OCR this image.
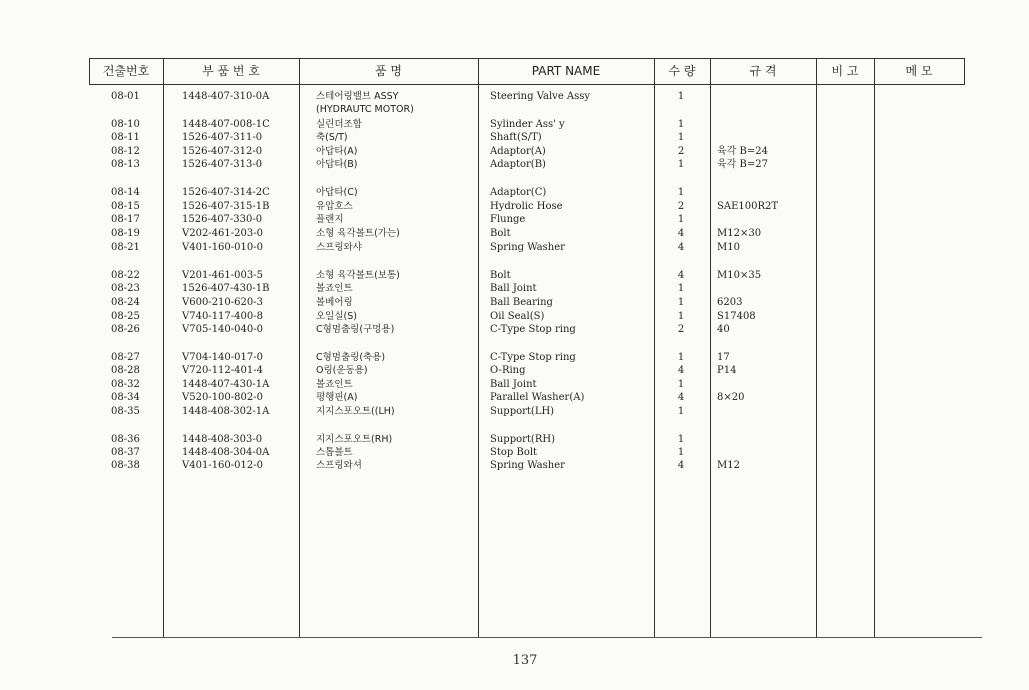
건출번호	부 품 번 호	품 명	PART NAME	수 량	규 격	비 고	메 모
08-01	1448-407-310-0A	스테어링밸브 ASSY	Steering Valve Assy	1
(HYDRAUTC MOTOR)
08-10	1448-407-008-1C	실린더조합	Sylinder Ass' y	1
08-11	1526-407-311-0	축(S/T)	Shaft(S/T)	1
08-12	1526-407-312-0	아답타(A)	Adaptor(A)	2	육각 B=24
08-13	1526-407-313-0	아답타(B)	Adaptor(B)	1	육각 B=27
08-14	1526-407-314-2C	아답타(C)	Adaptor(C)	1
08-15	1526-407-315-1B	유압호스	Hydrolic Hose	2	SAE100R2T
08-17	1526-407-330-0	플랜지	Flunge	1
08-19	V202-461-203-0	소형 육각볼트(가는)	Bolt	4	M12×30
08-21	V401-160-010-0	스프링와샤	Spring Washer	4	M10
08-22	V201-461-003-5	소형 육각볼트(보통)	Bolt	4	M10×35
08-23	1526-407-430-1B	볼죠인트	Ball Joint	1
08-24	V600-210-620-3	볼베어링	Ball Bearing	1	6203
08-25	V740-117-400-8	오일실(S)	Oil Seal(S)	1	S17408
08-26	V705-140-040-0	C형멈춤링(구멍용)	C-Type Stop ring	2	40
08-27	V704-140-017-0	C형멈춤링(축용)	C-Type Stop ring	1	17
08-28	V720-112-401-4	O링(운동용)	O-Ring	4	P14
08-32	1448-407-430-1A	볼죠인트	Ball Joint	1
08-34	V520-100-802-0	평행핀(A)	Parallel Washer(A)	4	8×20
08-35	1448-408-302-1A	지지스포오트((LH)	Support(LH)	1
08-36	1448-408-303-0	지지스포오트(RH)	Support(RH)	1
08-37	1448-408-304-0A	스톱볼트	Stop Bolt	1
08-38	V401-160-012-0	스프링와셔	Spring Washer	4	M12
137
